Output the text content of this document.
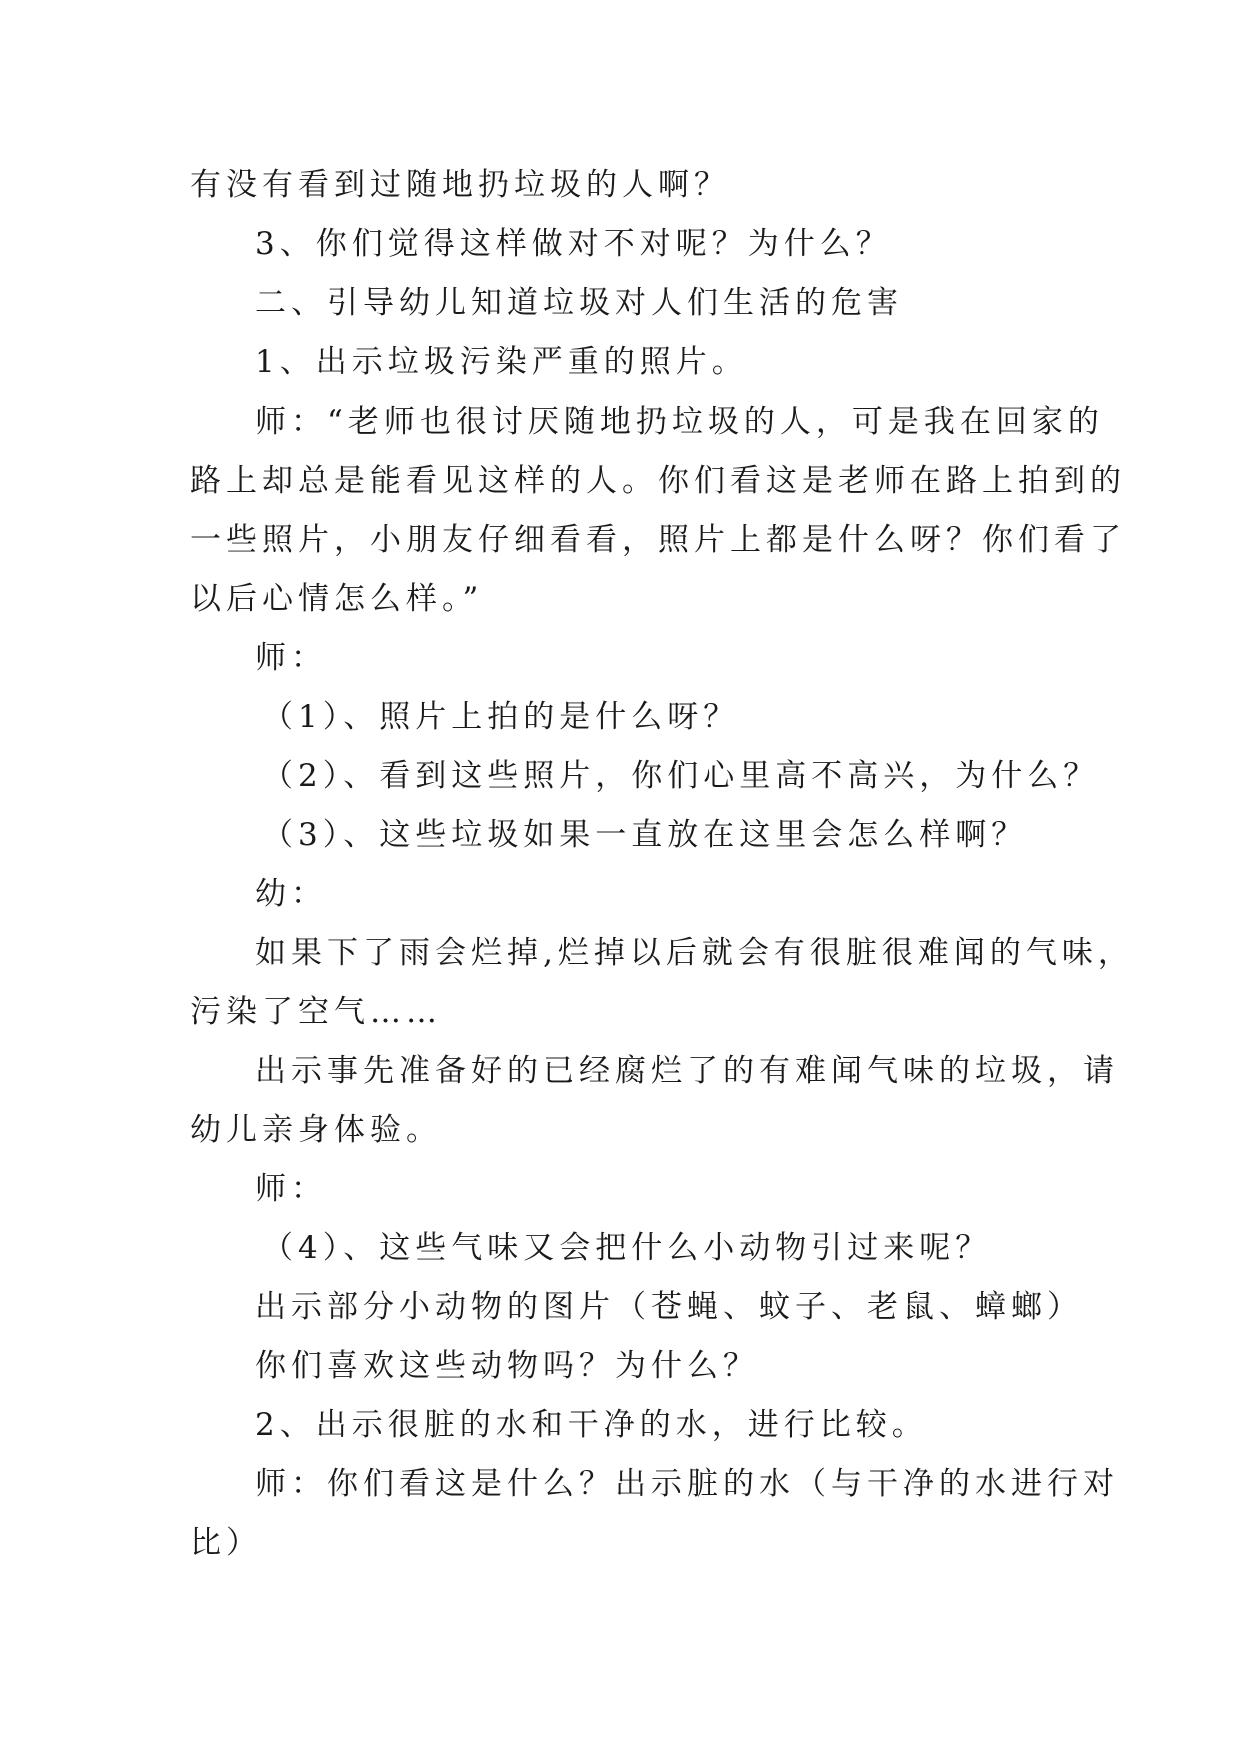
有没有看到过随地扔垃圾的人啊？
3、你们觉得这样做对不对呢？为什么？
二、引导幼儿知道垃圾对人们生活的危害
1、出示垃圾污染严重的照片。
师：“老师也很讨厌随地扔垃圾的人，可是我在回家的
路上却总是能看见这样的人。你们看这是老师在路上拍到的
一些照片，小朋友仔细看看，照片上都是什么呀？你们看了
以后心情怎么样。”
师：
（1）、照片上拍的是什么呀？
（2）、看到这些照片，你们心里高不高兴，为什么？
（3）、这些垃圾如果一直放在这里会怎么样啊？
幼：
如果下了雨会烂掉,烂掉以后就会有很脏很难闻的气味，
污染了空气……
出示事先准备好的已经腐烂了的有难闻气味的垃圾，请
幼儿亲身体验。
师：
（4）、这些气味又会把什么小动物引过来呢？
出示部分小动物的图片（苍蝇、蚊子、老鼠、蟑螂）
你们喜欢这些动物吗？为什么？
2、出示很脏的水和干净的水，进行比较。
师：你们看这是什么？出示脏的水（与干净的水进行对
比）
